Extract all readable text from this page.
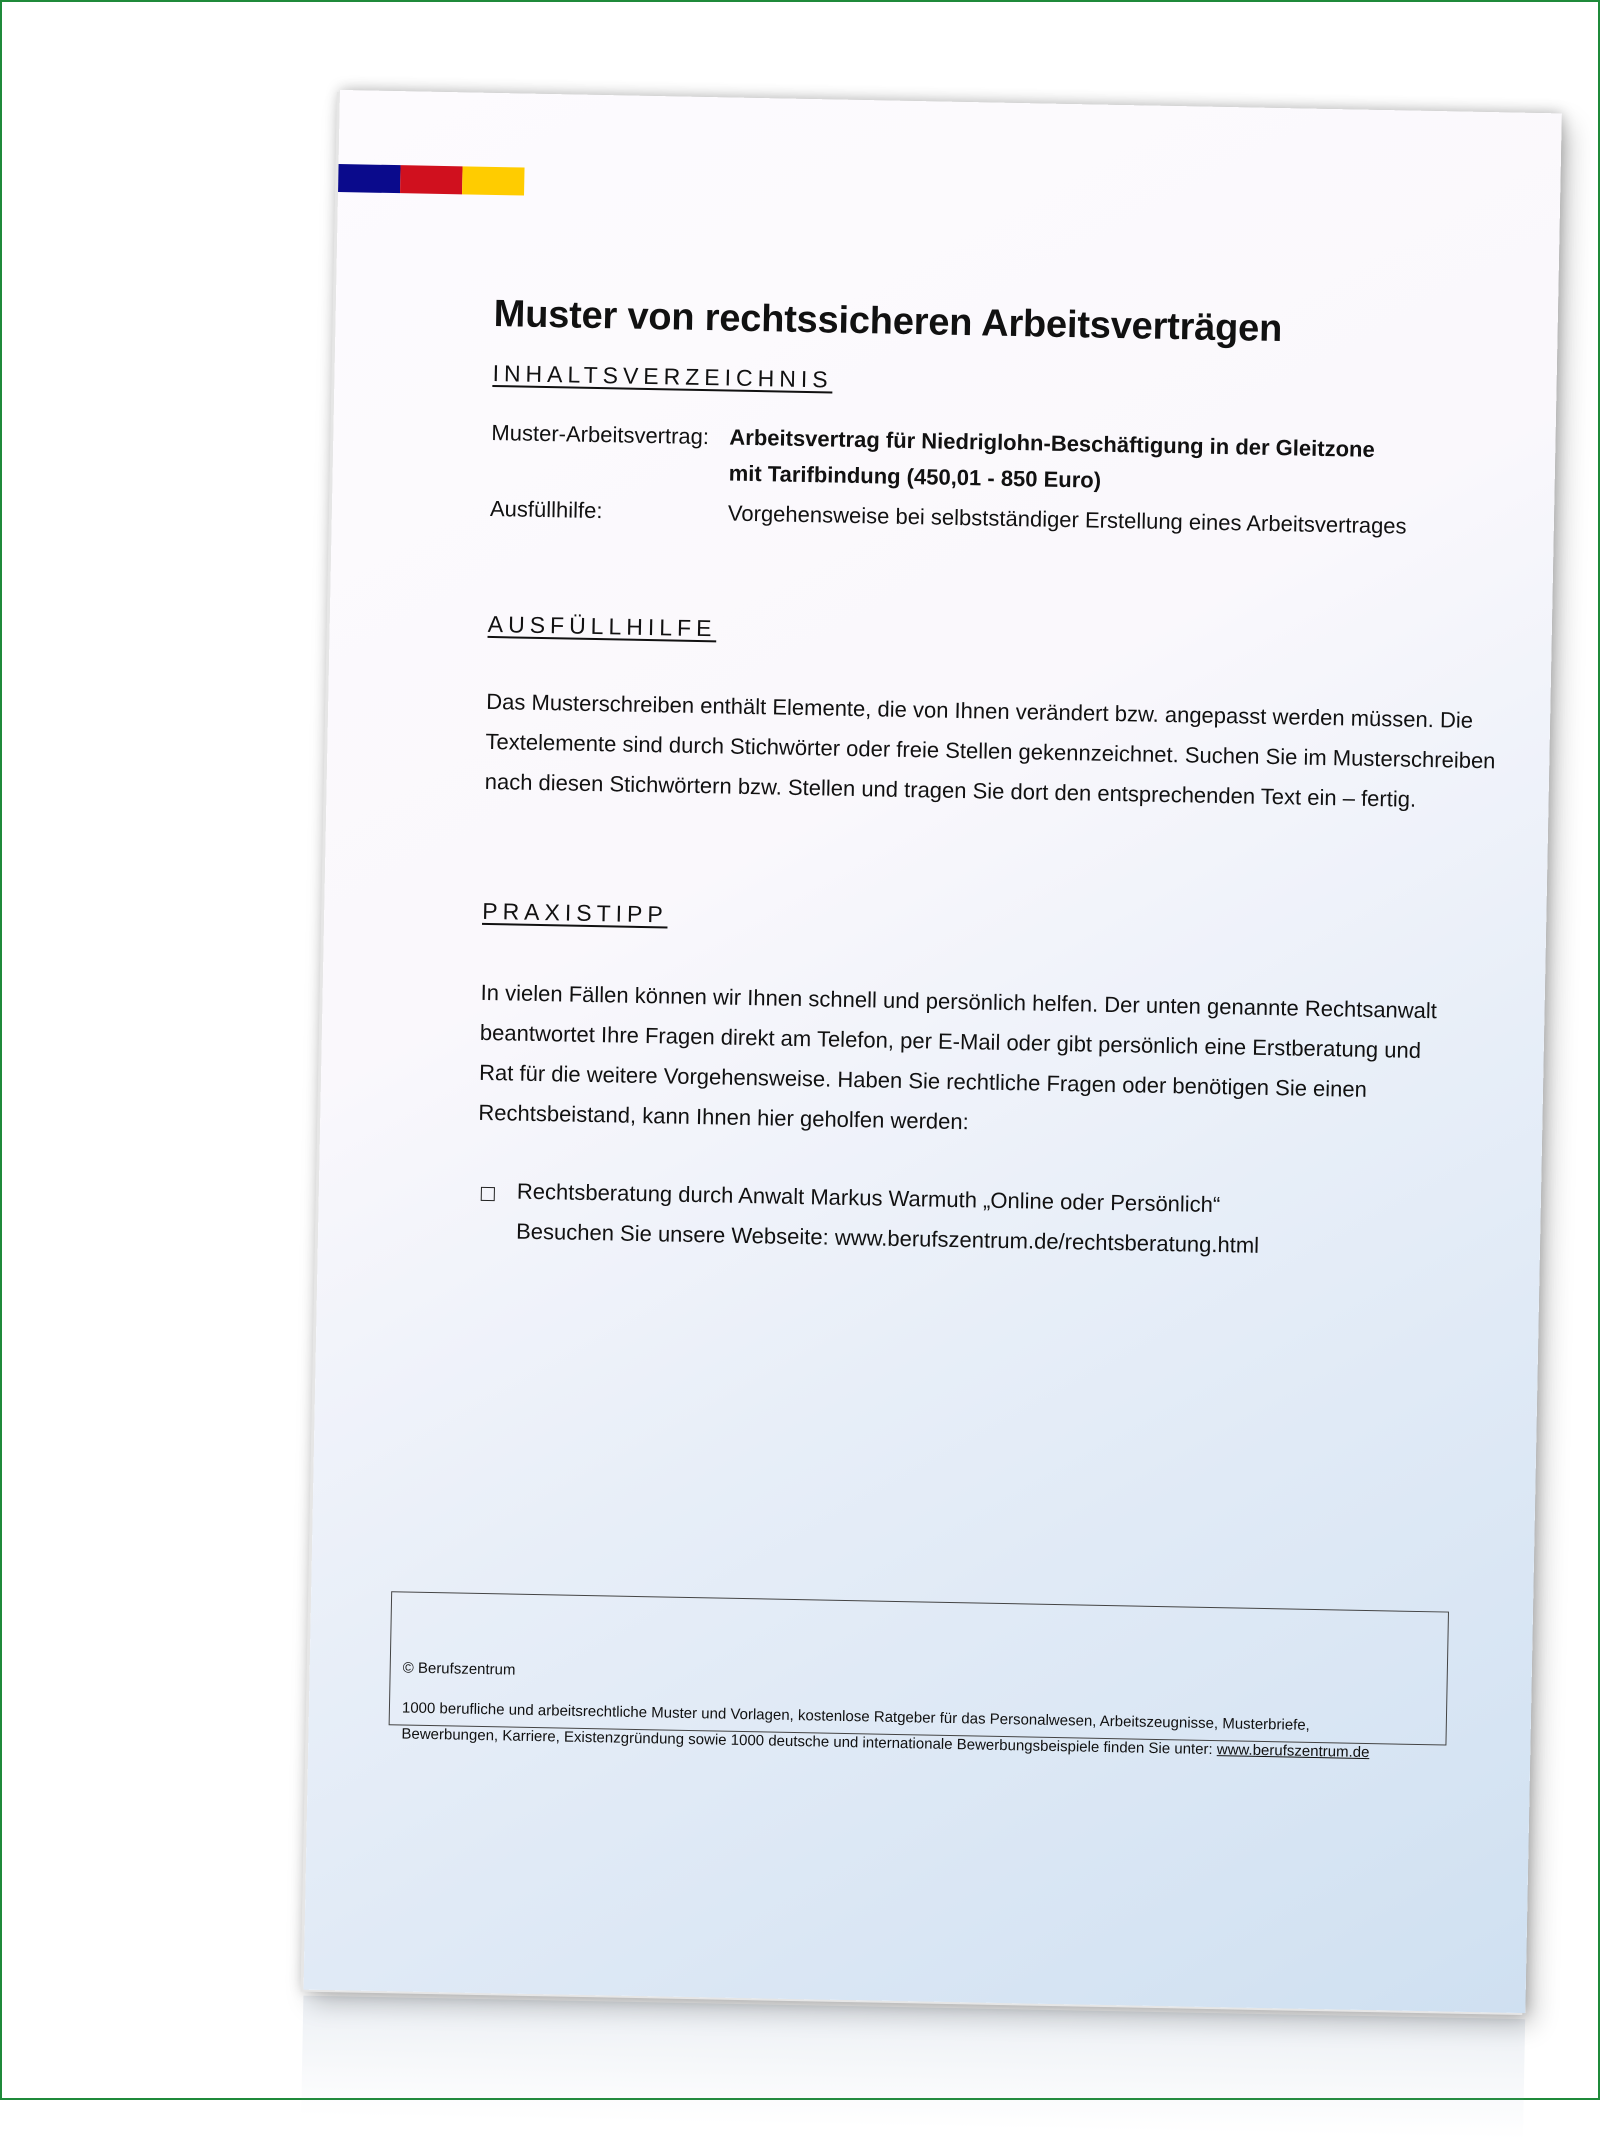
Muster von rechtssicheren Arbeitsverträgen

INHALTSVERZEICHNIS

Muster-Arbeitsvertrag: Arbeitsvertrag für Niedriglohn-Beschäftigung in der Gleitzone
mit Tarifbindung (450,01 - 850 Euro)
Ausfüllhilfe:	Vorgehensweise bei selbstständiger Erstellung eines Arbeitsvertrages

AUSFÜLLHILFE

Das Musterschreiben enthält Elemente, die von Ihnen verändert bzw. angepasst werden müssen. Die

Textelemente sind durch Stichwörter oder freie Stellen gekennzeichnet. Suchen Sie im Musterschreiben

nach diesen Stichwörtern bzw. Stellen und tragen Sie dort den entsprechenden Text ein – fertig.

PRAXISTIPP

In vielen Fällen können wir Ihnen schnell und persönlich helfen. Der unten genannte Rechtsanwalt

beantwortet Ihre Fragen direkt am Telefon, per E-Mail oder gibt persönlich eine Erstberatung und

Rat für die weitere Vorgehensweise. Haben Sie rechtliche Fragen oder benötigen Sie einen

Rechtsbeistand, kann Ihnen hier geholfen werden:

Rechtsberatung durch Anwalt Markus Warmuth „Online oder Persönlich“
Besuchen Sie unsere Webseite: www.berufszentrum.de/rechtsberatung.html
© Berufszentrum
1000 berufliche und arbeitsrechtliche Muster und Vorlagen, kostenlose Ratgeber für das Personalwesen, Arbeitszeugnisse, Musterbriefe,
Bewerbungen, Karriere, Existenzgründung sowie 1000 deutsche und internationale Bewerbungsbeispiele finden Sie unter: www.berufszentrum.de
